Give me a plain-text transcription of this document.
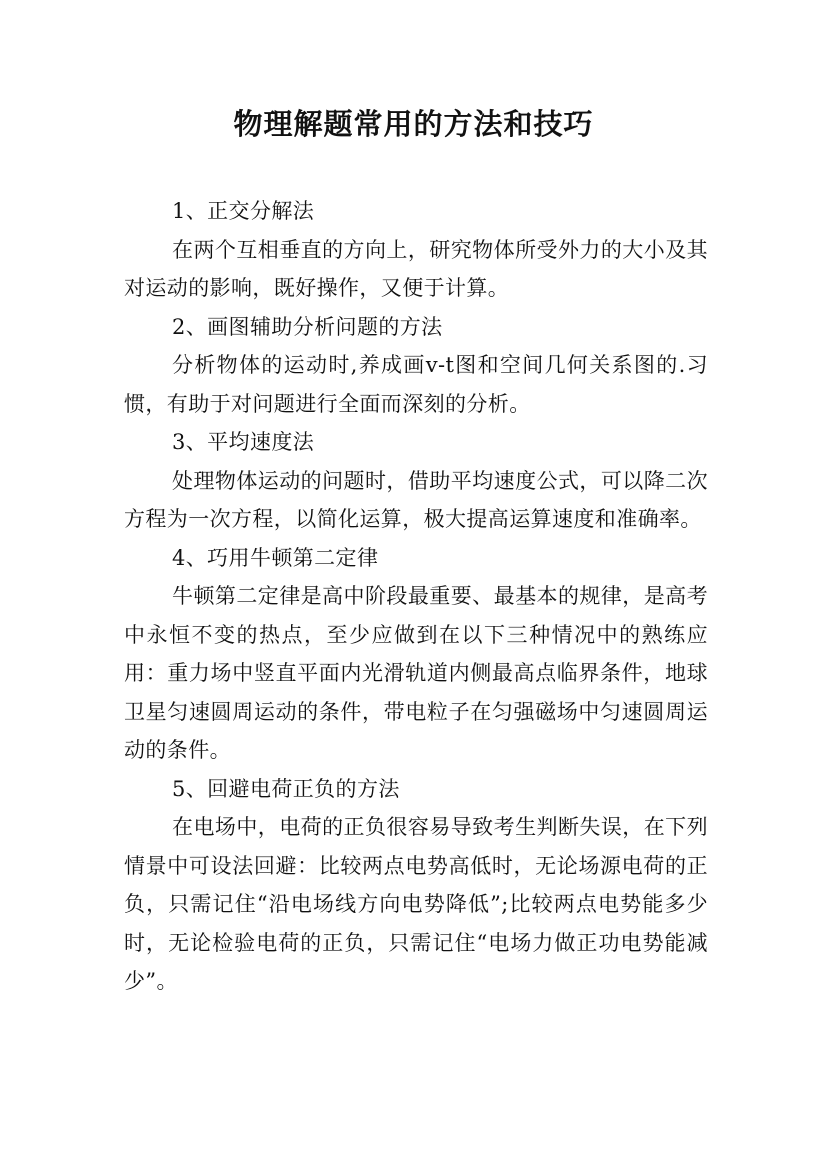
物理解题常用的方法和技巧

1、正交分解法

在两个互相垂直的方向上，研究物体所受外力的大小及其对运动的影响，既好操作，又便于计算。

2、画图辅助分析问题的方法

分析物体的运动时,养成画v-t图和空间几何关系图的.习惯，有助于对问题进行全面而深刻的分析。

3、平均速度法

处理物体运动的问题时，借助平均速度公式，可以降二次方程为一次方程，以简化运算，极大提高运算速度和准确率。

4、巧用牛顿第二定律

牛顿第二定律是高中阶段最重要、最基本的规律，是高考中永恒不变的热点，至少应做到在以下三种情况中的熟练应用：重力场中竖直平面内光滑轨道内侧最高点临界条件，地球卫星匀速圆周运动的条件，带电粒子在匀强磁场中匀速圆周运动的条件。

5、回避电荷正负的方法

在电场中，电荷的正负很容易导致考生判断失误，在下列情景中可设法回避：比较两点电势高低时，无论场源电荷的正负，只需记住“沿电场线方向电势降低”;比较两点电势能多少时，无论检验电荷的正负，只需记住“电场力做正功电势能减少”。
